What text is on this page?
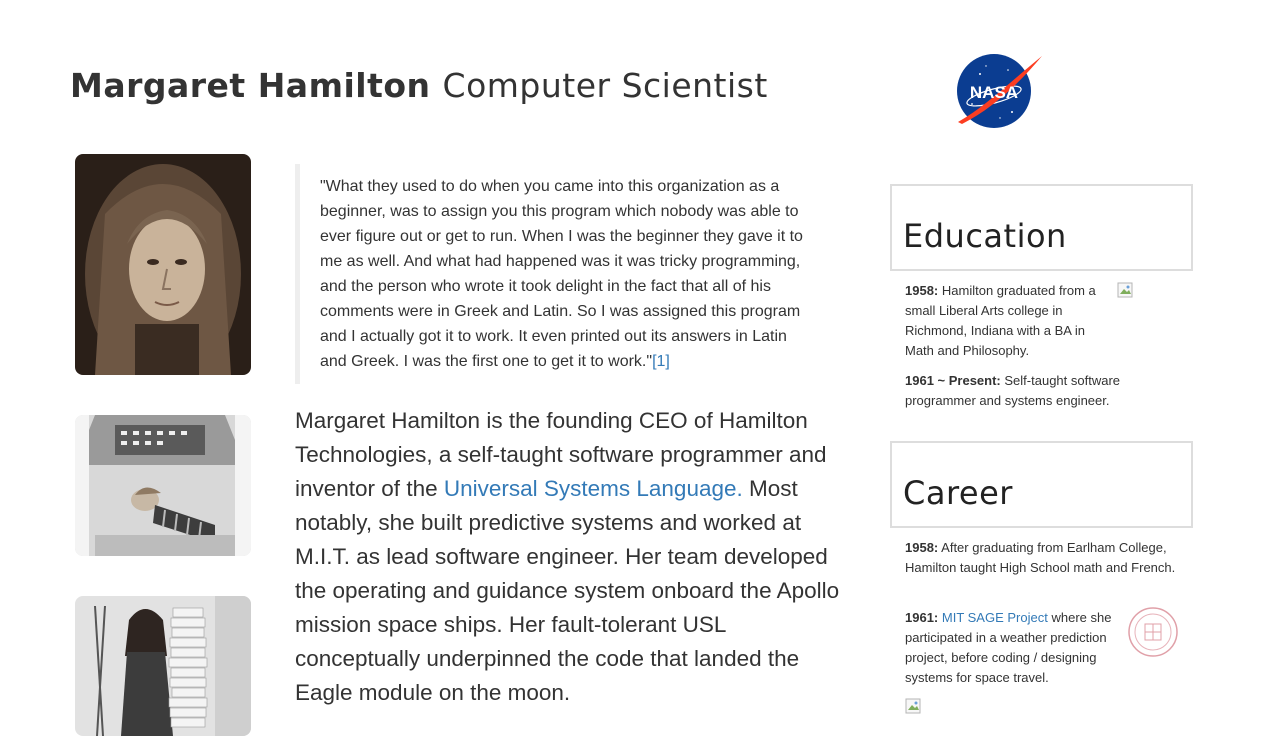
Margaret Hamilton Computer Scientist	NASA
"What they used to do when you came into this organization as a beginner, was to assign you this program which nobody was able to ever figure out or get to run. When I was the beginner they gave it to me as well. And what had happened was it was tricky programming, and the person who wrote it took delight in the fact that all of his comments were in Greek and Latin. So I was assigned this program and I actually got it to work. It even printed out its answers in Latin and Greek. I was the first one to get it to work."[1]

Margaret Hamilton is the founding CEO of Hamilton Technologies, a self-taught software programmer and inventor of the Universal Systems Language. Most notably, she built predictive systems and worked at M.I.T. as lead software engineer. Her team developed the operating and guidance system onboard the Apollo mission space ships. Her fault-tolerant USL conceptually underpinned the code that landed the Eagle module on the moon.

Education

1958: Hamilton graduated from a small Liberal Arts college in Richmond, Indiana with a BA in Math and Philosophy.

1961 ~ Present: Self-taught software programmer and systems engineer.

Career

1958: After graduating from Earlham College, Hamilton taught High School math and French.

1961: MIT SAGE Project where she participated in a weather prediction project, before coding / designing systems for space travel.
